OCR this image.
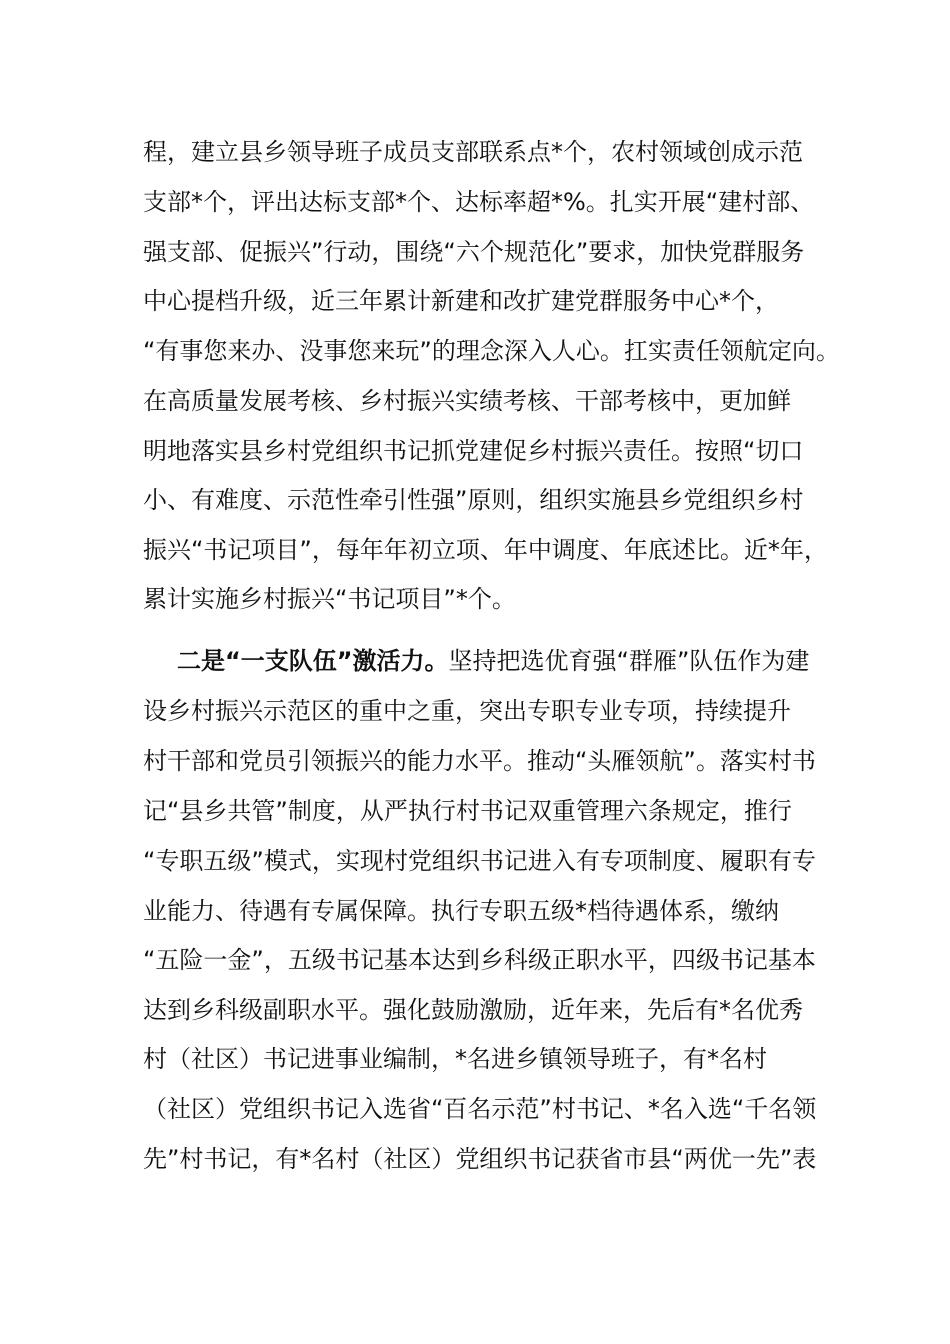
程，建立县乡领导班子成员支部联系点*个，农村领域创成示范
支部*个，评出达标支部*个、达标率超*%。扎实开展“建村部、
强支部、促振兴”行动，围绕“六个规范化”要求，加快党群服务
中心提档升级，近三年累计新建和改扩建党群服务中心*个，
“有事您来办、没事您来玩”的理念深入人心。扛实责任领航定向。
在高质量发展考核、乡村振兴实绩考核、干部考核中，更加鲜
明地落实县乡村党组织书记抓党建促乡村振兴责任。按照“切口
小、有难度、示范性牵引性强”原则，组织实施县乡党组织乡村
振兴“书记项目”，每年年初立项、年中调度、年底述比。近*年，
累计实施乡村振兴“书记项目”*个。
二是“一支队伍”激活力。坚持把选优育强“群雁”队伍作为建
设乡村振兴示范区的重中之重，突出专职专业专项，持续提升
村干部和党员引领振兴的能力水平。推动“头雁领航”。落实村书
记“县乡共管”制度，从严执行村书记双重管理六条规定，推行
“专职五级”模式，实现村党组织书记进入有专项制度、履职有专
业能力、待遇有专属保障。执行专职五级*档待遇体系，缴纳
“五险一金”，五级书记基本达到乡科级正职水平，四级书记基本
达到乡科级副职水平。强化鼓励激励，近年来，先后有*名优秀
村（社区）书记进事业编制，*名进乡镇领导班子，有*名村
（社区）党组织书记入选省“百名示范”村书记、*名入选“千名领
先”村书记，有*名村（社区）党组织书记获省市县“两优一先”表
